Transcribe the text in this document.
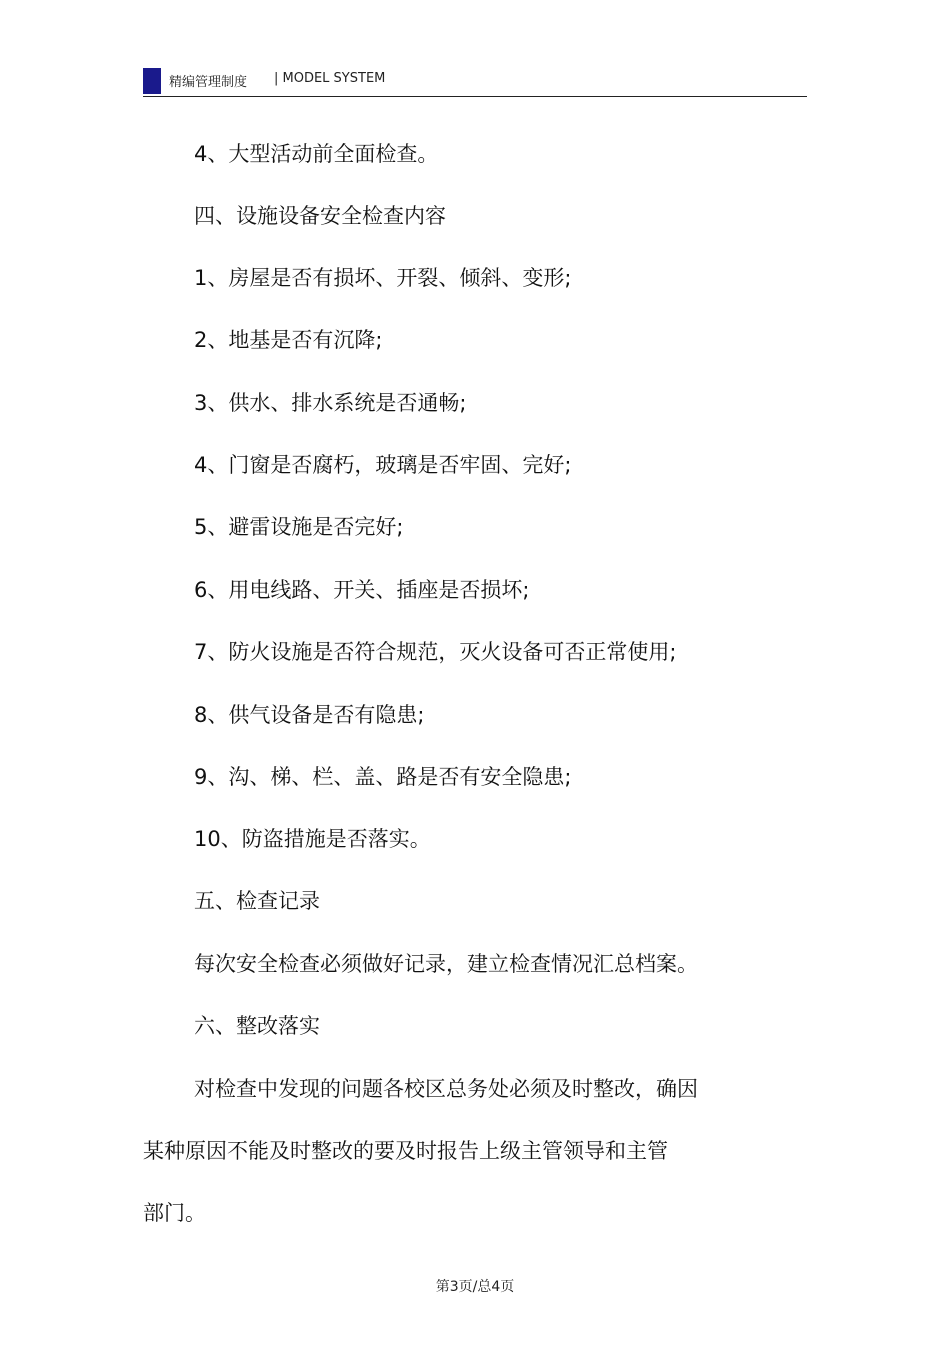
精编管理制度 | MODEL SYSTEM
4、大型活动前全面检查。
四、设施设备安全检查内容
1、房屋是否有损坏、开裂、倾斜、变形;
2、地基是否有沉降;
3、供水、排水系统是否通畅;
4、门窗是否腐朽，玻璃是否牢固、完好;
5、避雷设施是否完好;
6、用电线路、开关、插座是否损坏;
7、防火设施是否符合规范，灭火设备可否正常使用;
8、供气设备是否有隐患;
9、沟、梯、栏、盖、路是否有安全隐患;
10、防盗措施是否落实。
五、检查记录
每次安全检查必须做好记录，建立检查情况汇总档案。
六、整改落实
对检查中发现的问题各校区总务处必须及时整改，确因
某种原因不能及时整改的要及时报告上级主管领导和主管
部门。
第3页/总4页
